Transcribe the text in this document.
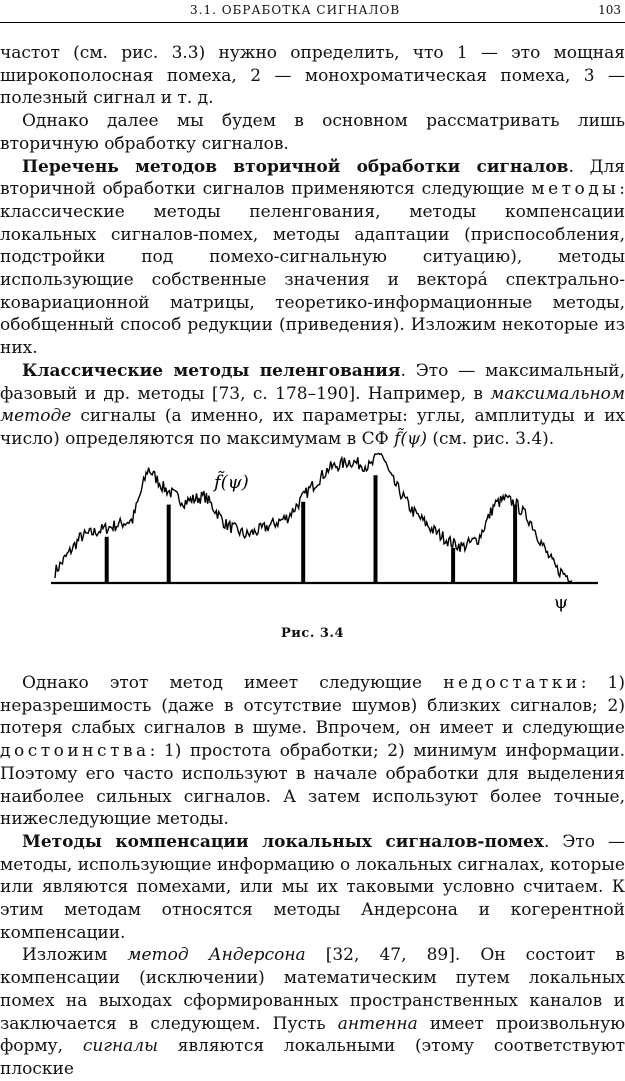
3.1. ОБРАБОТКА СИГНАЛОВ	103

частот (см. рис. 3.3) нужно определить, что 1 — это мощная широкополосная помеха, 2 — монохроматическая помеха, 3 — полезный сигнал и т. д.

Однако далее мы будем в основном рассматривать лишь вторичную обработку сигналов.

Перечень методов вторичной обработки сигналов. Для вторичной обработки сигналов применяются следующие методы: классические методы пеленгования, методы компенсации локальных сигналов-помех, методы адаптации (приспособления, подстройки под помехо-сигнальную ситуацию), методы использующие собственные значения и векторá спектрально-ковариационной матрицы, теоретико-информационные методы, обобщенный способ редукции (приведения). Изложим некоторые из них.

Классические методы пеленгования. Это — максимальный, фазовый и др. методы [73, с. 178–190]. Например, в максимальном методе сигналы (а именно, их параметры: углы, амплитуды и их число) определяются по максимумам в СФ f̃(ψ) (см. рис. 3.4).

f̃(ψ)
ψ
Рис. 3.4

Однако этот метод имеет следующие недостатки: 1) неразрешимость (даже в отсутствие шумов) близких сигналов; 2) потеря слабых сигналов в шуме. Впрочем, он имеет и следующие достоинства: 1) простота обработки; 2) минимум информации. Поэтому его часто используют в начале обработки для выделения наиболее сильных сигналов. А затем используют более точные, нижеследующие методы.

Методы компенсации локальных сигналов-помех. Это — методы, использующие информацию о локальных сигналах, которые или являются помехами, или мы их таковыми условно считаем. К этим методам относятся методы Андерсона и когерентной компенсации.

Изложим метод Андерсона [32, 47, 89]. Он состоит в компенсации (исключении) математическим путем локальных помех на выходах сформированных пространственных каналов и заключается в следующем. Пусть антенна имеет произвольную форму, сигналы являются локальными (этому соответствуют плоские
